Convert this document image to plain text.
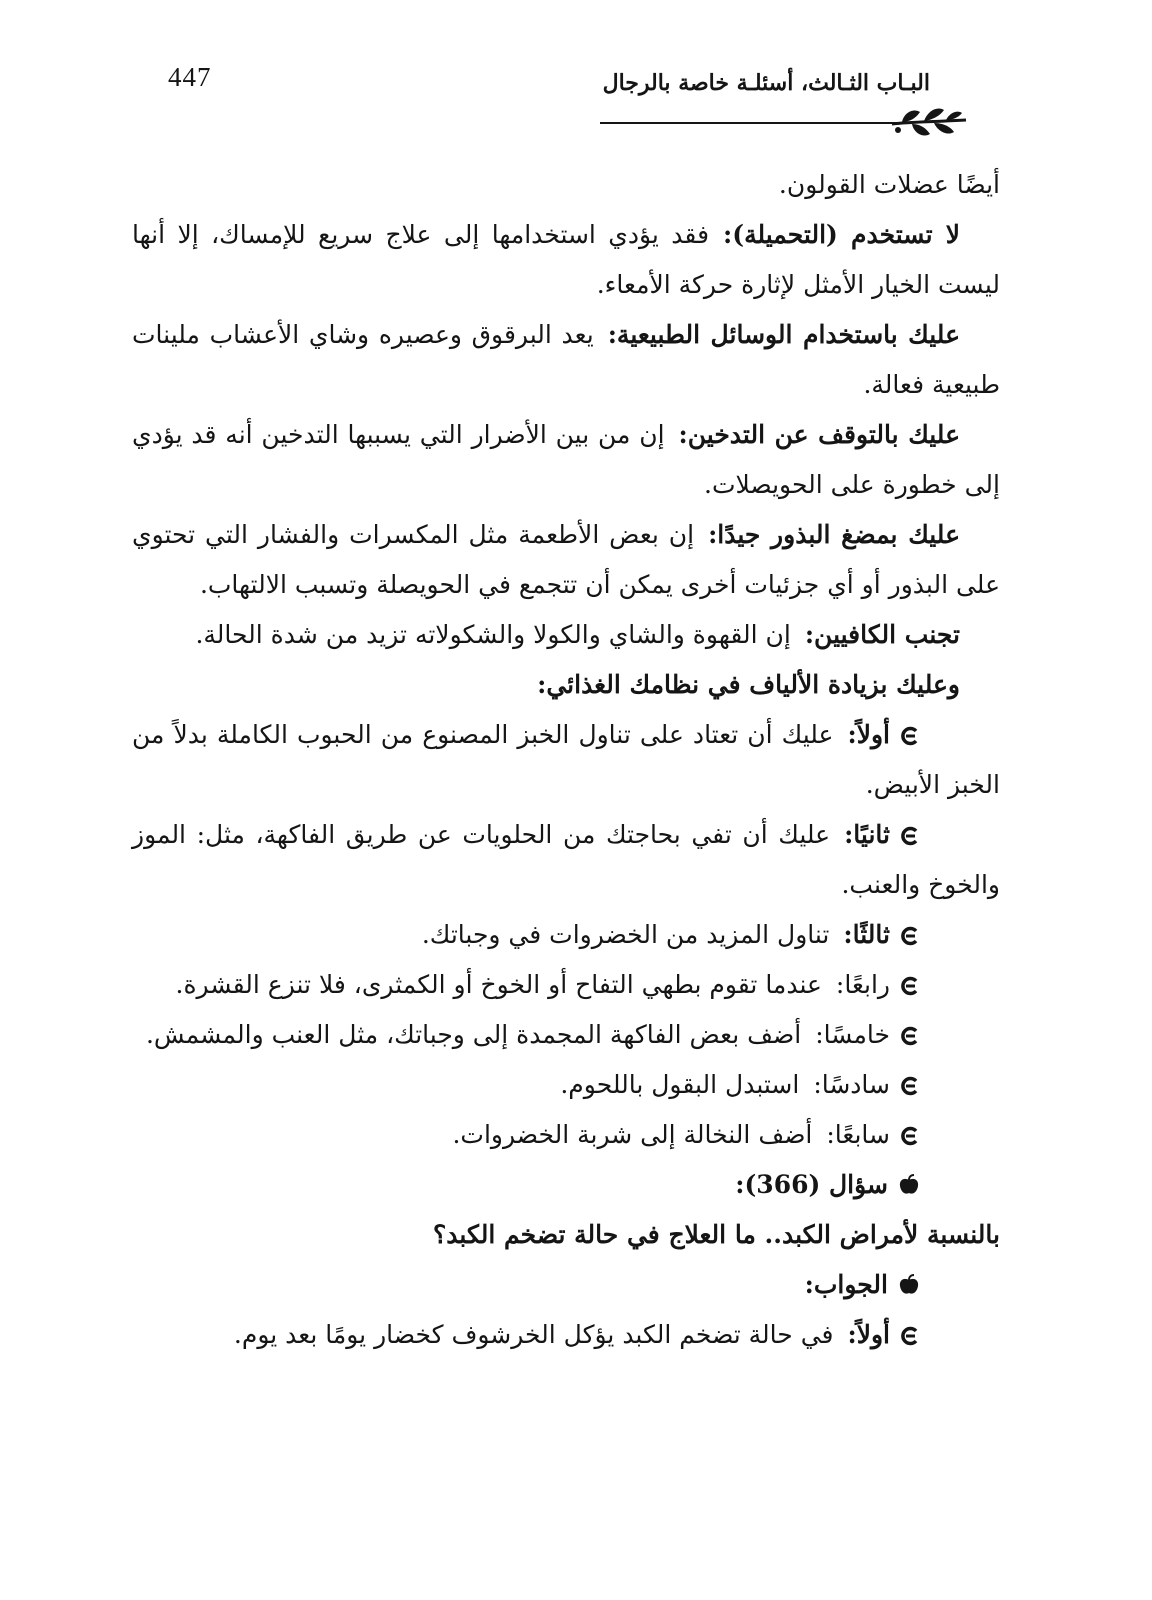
447	البـاب الثـالث، أسئلـة خاصة بالرجال

أيضًا عضلات القولون.

لا تستخدم (التحميلة):فقد يؤدي استخدامها إلى علاج سريع للإمساك، إلا أنها ليست الخيار الأمثل لإثارة حركة الأمعاء.

عليك باستخدام الوسائل الطبيعية:يعد البرقوق وعصيره وشاي الأعشاب ملينات طبيعية فعالة.

عليك بالتوقف عن التدخين:إن من بين الأضرار التي يسببها التدخين أنه قد يؤدي إلى خطورة على الحويصلات.

عليك بمضغ البذور جيدًا:إن بعض الأطعمة مثل المكسرات والفشار التي تحتوي على البذور أو أي جزئيات أخرى يمكن أن تتجمع في الحويصلة وتسبب الالتهاب.

تجنب الكافيين:إن القهوة والشاي والكولا والشكولاته تزيد من شدة الحالة.

وعليك بزيادة الألياف في نظامك الغذائي:

أولاً:عليك أن تعتاد على تناول الخبز المصنوع من الحبوب الكاملة بدلاً من الخبز الأبيض.

ثانيًا:عليك أن تفي بحاجتك من الحلويات عن طريق الفاكهة، مثل: الموز والخوخ والعنب.

ثالثًا:تناول المزيد من الخضروات في وجباتك.

رابعًا:عندما تقوم بطهي التفاح أو الخوخ أو الكمثرى، فلا تنزع القشرة.

خامسًا:أضف بعض الفاكهة المجمدة إلى وجباتك، مثل العنب والمشمش.

سادسًا:استبدل البقول باللحوم.

سابعًا:أضف النخالة إلى شربة الخضروات.

سؤال (366):

بالنسبة لأمراض الكبد.. ما العلاج في حالة تضخم الكبد؟

الجواب:

أولاً:في حالة تضخم الكبد يؤكل الخرشوف كخضار يومًا بعد يوم.
